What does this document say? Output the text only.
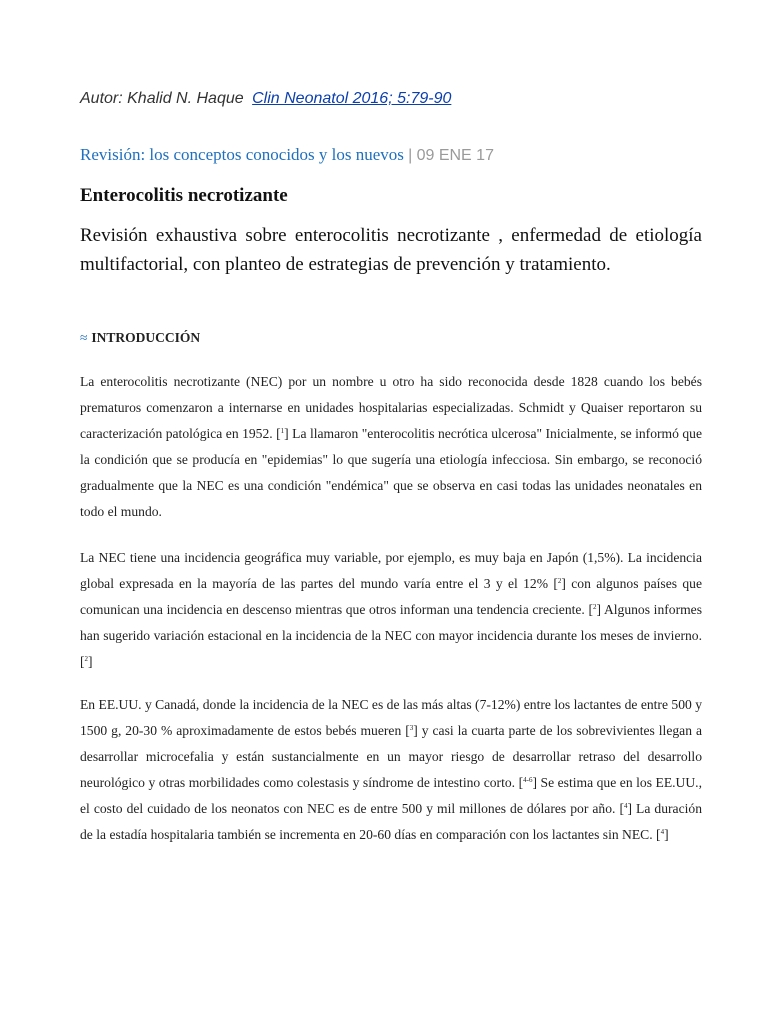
Autor: Khalid N. Haque Clin Neonatol 2016; 5:79-90
Revisión: los conceptos conocidos y los nuevos | 09 ENE 17
Enterocolitis necrotizante

Revisión exhaustiva sobre enterocolitis necrotizante , enfermedad de etiología multifactorial, con planteo de estrategias de prevención y tratamiento.

≈ INTRODUCCIÓN

La enterocolitis necrotizante (NEC) por un nombre u otro ha sido reconocida desde 1828 cuando los bebés prematuros comenzaron a internarse en unidades hospitalarias especializadas. Schmidt y Quaiser reportaron su caracterización patológica en 1952. [$^1$] La llamaron "enterocolitis necrótica ulcerosa" Inicialmente, se informó que la condición que se producía en "epidemias" lo que sugería una etiología infecciosa. Sin embargo, se reconoció gradualmente que la NEC es una condición "endémica" que se observa en casi todas las unidades neonatales en todo el mundo.

La NEC tiene una incidencia geográfica muy variable, por ejemplo, es muy baja en Japón (1,5%). La incidencia global expresada en la mayoría de las partes del mundo varía entre el 3 y el 12% [$^2$] con algunos países que comunican una incidencia en descenso mientras que otros informan una tendencia creciente. [$^2$] Algunos informes han sugerido variación estacional en la incidencia de la NEC con mayor incidencia durante los meses de invierno. [$^2$]

En EE.UU. y Canadá, donde la incidencia de la NEC es de las más altas (7-12%) entre los lactantes de entre 500 y 1500 g, 20-30 % aproximadamente de estos bebés mueren [$^3$] y casi la cuarta parte de los sobrevivientes llegan a desarrollar microcefalia y están sustancialmente en un mayor riesgo de desarrollar retraso del desarrollo neurológico y otras morbilidades como colestasis y síndrome de intestino corto. [$^{4-6}$] Se estima que en los EE.UU., el costo del cuidado de los neonatos con NEC es de entre 500 y mil millones de dólares por año. [$^4$] La duración de la estadía hospitalaria también se incrementa en 20-60 días en comparación con los lactantes sin NEC. [$^4$]
